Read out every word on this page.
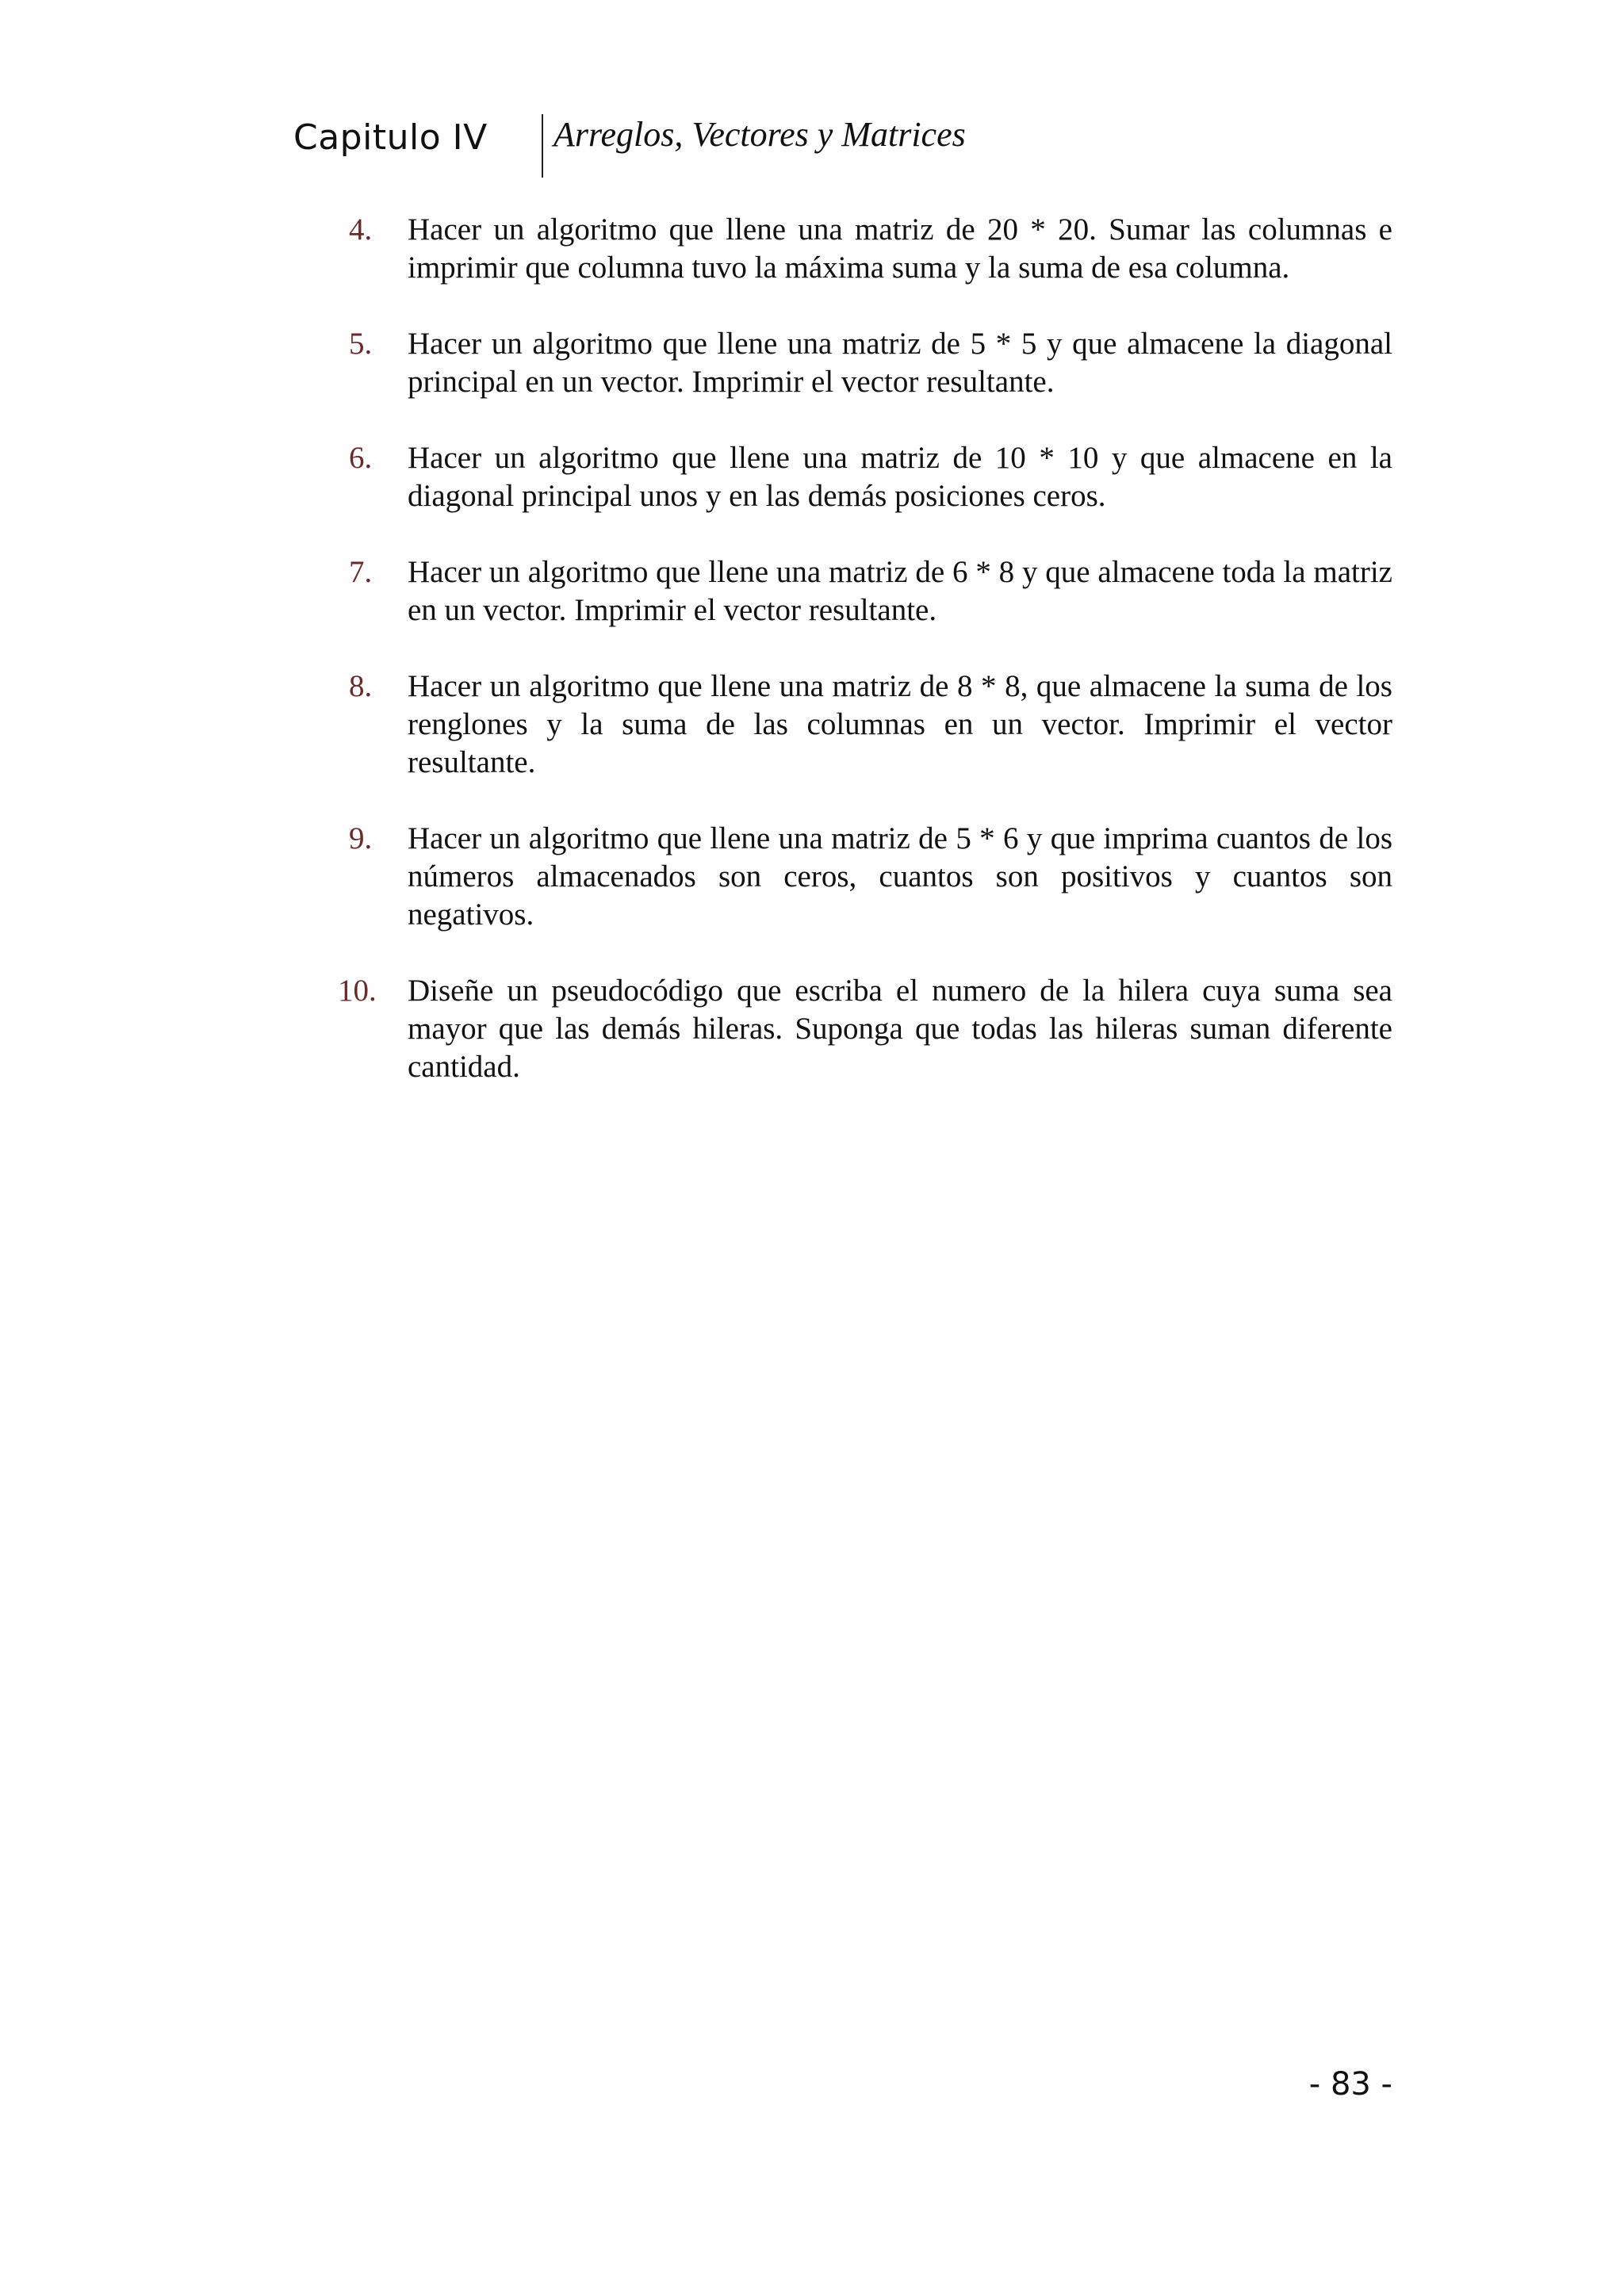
Capitulo IV Arreglos, Vectores y Matrices
4. Hacer un algoritmo que llene una matriz de 20 * 20. Sumar las columnas e imprimir que columna tuvo la máxima suma y la suma de esa columna.
5. Hacer un algoritmo que llene una matriz de 5 * 5 y que almacene la diagonal principal en un vector. Imprimir el vector resultante.
6. Hacer un algoritmo que llene una matriz de 10 * 10 y que almacene en la diagonal principal unos y en las demás posiciones ceros.
7. Hacer un algoritmo que llene una matriz de 6 * 8 y que almacene toda la matriz en un vector. Imprimir el vector resultante.
8. Hacer un algoritmo que llene una matriz de 8 * 8, que almacene la suma de los renglones y la suma de las columnas en un vector. Imprimir el vector resultante.
9. Hacer un algoritmo que llene una matriz de 5 * 6 y que imprima cuantos de los números almacenados son ceros, cuantos son positivos y cuantos son negativos.
10. Diseñe un pseudocódigo que escriba el numero de la hilera cuya suma sea mayor que las demás hileras. Suponga que todas las hileras suman diferente cantidad.
- 83 -
